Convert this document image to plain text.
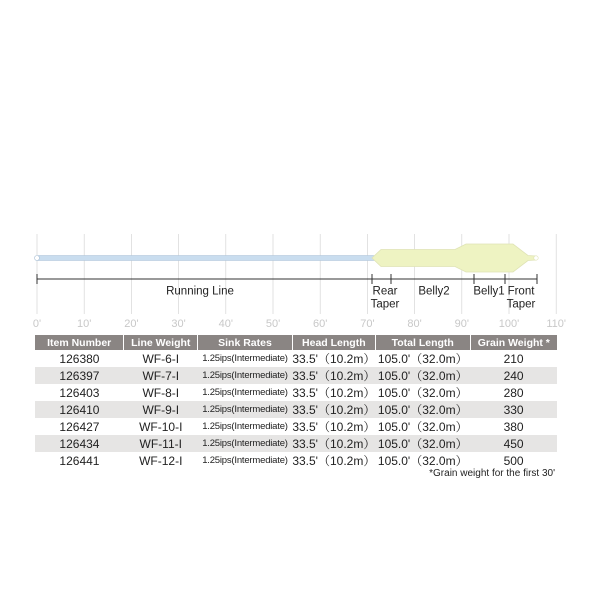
Running Line	Rear Taper
Belly2 Belly1 Front Taper
0'	10'	20'	30'	40'	50'	60'	70'	80'	90'	100' 110'
Item Number	Line Weight	Sink Rates	Head Length	Total Length	Grain Weight *
126380	WF-6-I	1.25ips(Intermediate)	33.5'（10.2m）	105.0'（32.0m）	210
126397	WF-7-I	1.25ips(Intermediate)	33.5'（10.2m）	105.0'（32.0m）	240
126403	WF-8-I	1.25ips(Intermediate)	33.5'（10.2m）	105.0'（32.0m）	280
126410	WF-9-I	1.25ips(Intermediate)	33.5'（10.2m）	105.0'（32.0m）	330
126427	WF-10-I	1.25ips(Intermediate)	33.5'（10.2m）	105.0'（32.0m）	380
126434	WF-11-I	1.25ips(Intermediate)	33.5'（10.2m）	105.0'（32.0m）	450
126441	WF-12-I	1.25ips(Intermediate)	33.5'（10.2m）	105.0'（32.0m）	500
*Grain weight for the first 30'
